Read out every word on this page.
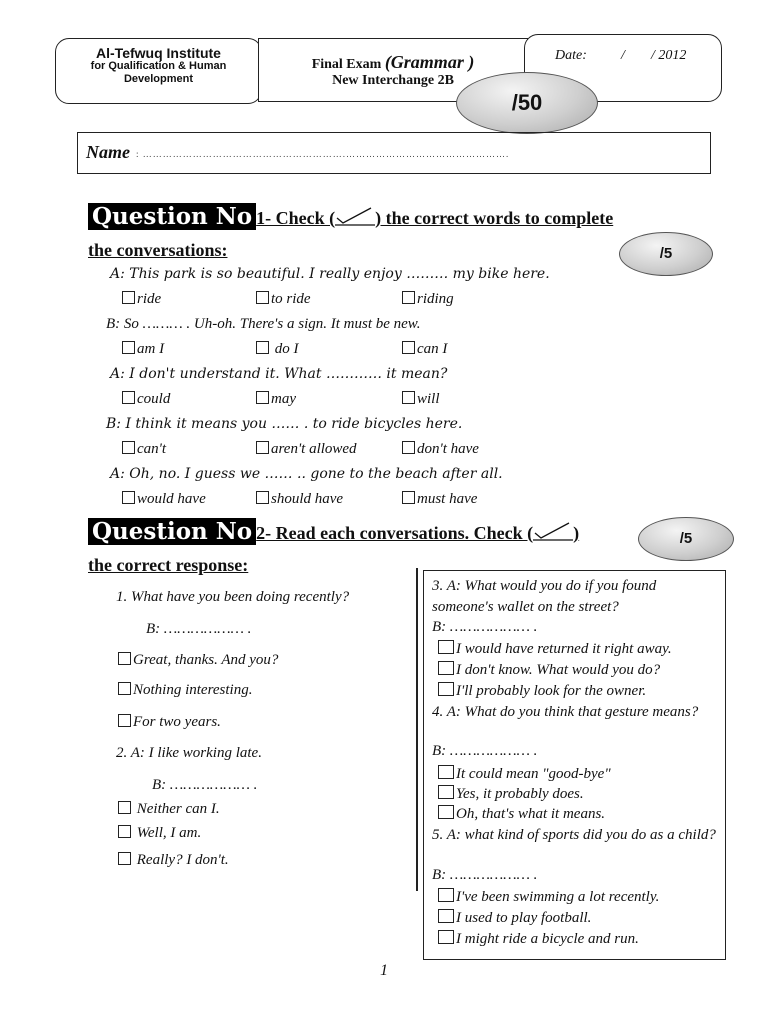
Al-Tefwuq Institute
for Qualification & Human
Development
Final Exam (Grammar )
New Interchange 2B
Date: / / 2012
/50
Name : …………………………………………………….………………………………………….
Question No 1- Check ( ) the correct words to complete
the conversations:	/5
A: This park is so beautiful. I really enjoy ……… my bike here.
ride	to ride	riding
B: So ……… . Uh-oh. There's a sign. It must be new.
am I	do I	can I
A: I don't understand it. What ………… it mean?
could	may	will
B: I think it means you …… . to ride bicycles here.
can't	aren't allowed	don't have
A: Oh, no. I guess we …… .. gone to the beach after all.
would have	should have	must have
Question No 2- Read each conversations. Check ( )
the correct response:
/5
1. What have you been doing recently?
B: ……………… .
Great, thanks. And you?
Nothing interesting.
For two years.
2. A: I like working late.
B: ……………… .
Neither can I.
Well, I am.
Really? I don't.
3. A: What would you do if you found someone's wallet on the street?
B: ……………… .
I would have returned it right away.
I don't know. What would you do?
I'll probably look for the owner.
4. A: What do you think that gesture means?
B: ……………… .
It could mean "good-bye"
Yes, it probably does.
Oh, that's what it means.
5. A: what kind of sports did you do as a child?
B: ……………… .
I've been swimming a lot recently.
I used to play football.
I might ride a bicycle and run.
1
